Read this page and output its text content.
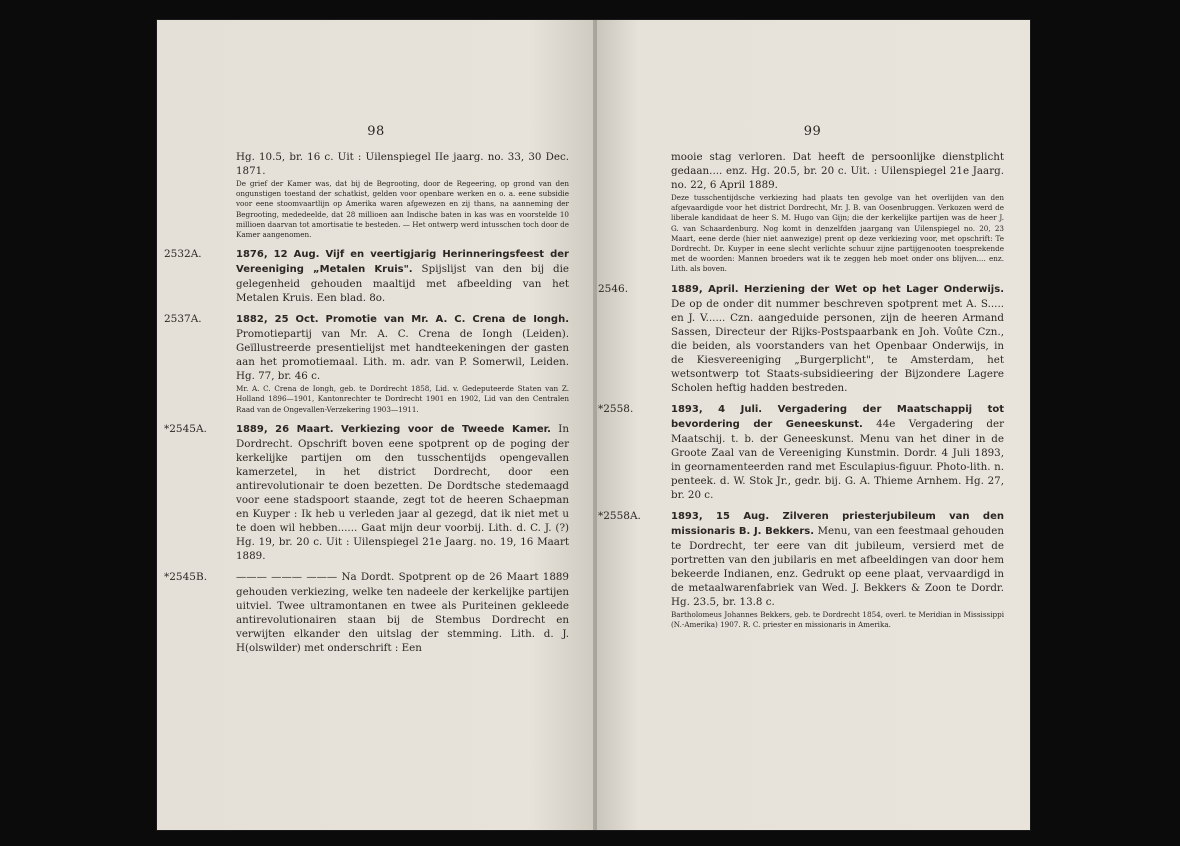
98
Hg. 10.5, br. 16 c. Uit : Uilenspiegel IIe jaarg. no. 33, 30 Dec. 1871.
De grief der Kamer was, dat bij de Begrooting, door de Regeering, op grond van den ongunstigen toestand der schatkist, gelden voor openbare werken en o. a. eene subsidie voor eene stoomvaartlijn op Amerika waren afgewezen en zij thans, na aanneming der Begrooting, mededeelde, dat 28 millioen aan Indische baten in kas was en voorstelde 10 millioen daarvan tot amortisatie te besteden. — Het ontwerp werd intusschen toch door de Kamer aangenomen.
2532A.	1876, 12 Aug. Vijf en veertigjarig Herinneringsfeest der Vereeniging „Metalen Kruis". Spijslijst van den bij die gelegenheid gehouden maaltijd met afbeelding van het Metalen Kruis. Een blad. 8o.
2537A.	1882, 25 Oct. Promotie van Mr. A. C. Crena de Iongh. Promotiepartij van Mr. A. C. Crena de Iongh (Leiden). Geïllustreerde presentielijst met handteekeningen der gasten aan het promotiemaal. Lith. m. adr. van P. Somerwil, Leiden. Hg. 77, br. 46 c.
Mr. A. C. Crena de Iongh, geb. te Dordrecht 1858, Lid. v. Gedeputeerde Staten van Z. Holland 1896—1901, Kantonrechter te Dordrecht 1901 en 1902, Lid van den Centralen Raad van de Ongevallen-Verzekering 1903—1911.
*2545A.	1889, 26 Maart. Verkiezing voor de Tweede Kamer. In Dordrecht. Opschrift boven eene spotprent op de poging der kerkelijke partijen om den tusschentijds opengevallen kamerzetel, in het district Dordrecht, door een antirevolutionair te doen bezetten. De Dordtsche stedemaagd voor eene stadspoort staande, zegt tot de heeren Schaepman en Kuyper : Ik heb u verleden jaar al gezegd, dat ik niet met u te doen wil hebben...... Gaat mijn deur voorbij. Lith. d. C. J. (?) Hg. 19, br. 20 c. Uit : Uilenspiegel 21e Jaarg. no. 19, 16 Maart 1889.
*2545B.	——— ——— ——— Na Dordt. Spotprent op de 26 Maart 1889 gehouden verkiezing, welke ten nadeele der kerkelijke partijen uitviel. Twee ultramontanen en twee als Puriteinen gekleede antirevolutionairen staan bij de Stembus Dordrecht en verwijten elkander den uitslag der stemming. Lith. d. J. H(olswilder) met onderschrift : Een
99
mooie stag verloren. Dat heeft de persoonlijke dienstplicht gedaan.... enz. Hg. 20.5, br. 20 c. Uit. : Uilenspiegel 21e Jaarg. no. 22, 6 April 1889.
Deze tusschentijdsche verkiezing had plaats ten gevolge van het overlijden van den afgevaardigde voor het district Dordrecht, Mr. J. B. van Oosenbruggen. Verkozen werd de liberale kandidaat de heer S. M. Hugo van Gijn; die der kerkelijke partijen was de heer J. G. van Schaardenburg. Nog komt in denzelfden jaargang van Uilenspiegel no. 20, 23 Maart, eene derde (hier niet aanwezige) prent op deze verkiezing voor, met opschrift: Te Dordrecht. Dr. Kuyper in eene slecht verlichte schuur zijne partijgenooten toesprekende met de woorden: Mannen broeders wat ik te zeggen heb moet onder ons blijven.... enz. Lith. als boven.
2546.	1889, April. Herziening der Wet op het Lager Onderwijs. De op de onder dit nummer beschreven spotprent met A. S..... en J. V...... Czn. aangeduide personen, zijn de heeren Armand Sassen, Directeur der Rijks-Postspaarbank en Joh. Voûte Czn., die beiden, als voorstanders van het Openbaar Onderwijs, in de Kiesvereeniging „Burgerplicht", te Amsterdam, het wetsontwerp tot Staats-subsidieering der Bijzondere Lagere Scholen heftig hadden bestreden.
*2558.	1893, 4 Juli. Vergadering der Maatschappij tot bevordering der Geneeskunst. 44e Vergadering der Maatschij. t. b. der Geneeskunst. Menu van het diner in de Groote Zaal van de Vereeniging Kunstmin. Dordr. 4 Juli 1893, in geornamenteerden rand met Esculapius-figuur. Photo-lith. n. penteek. d. W. Stok Jr., gedr. bij. G. A. Thieme Arnhem. Hg. 27, br. 20 c.
*2558A.	1893, 15 Aug. Zilveren priesterjubileum van den missionaris B. J. Bekkers. Menu, van een feestmaal gehouden te Dordrecht, ter eere van dit jubileum, versierd met de portretten van den jubilaris en met afbeeldingen van door hem bekeerde Indianen, enz. Gedrukt op eene plaat, vervaardigd in de metaalwarenfabriek van Wed. J. Bekkers & Zoon te Dordr. Hg. 23.5, br. 13.8 c.
Bartholomeus Johannes Bekkers, geb. te Dordrecht 1854, overl. te Meridian in Mississippi (N.-Amerika) 1907. R. C. priester en missionaris in Amerika.
